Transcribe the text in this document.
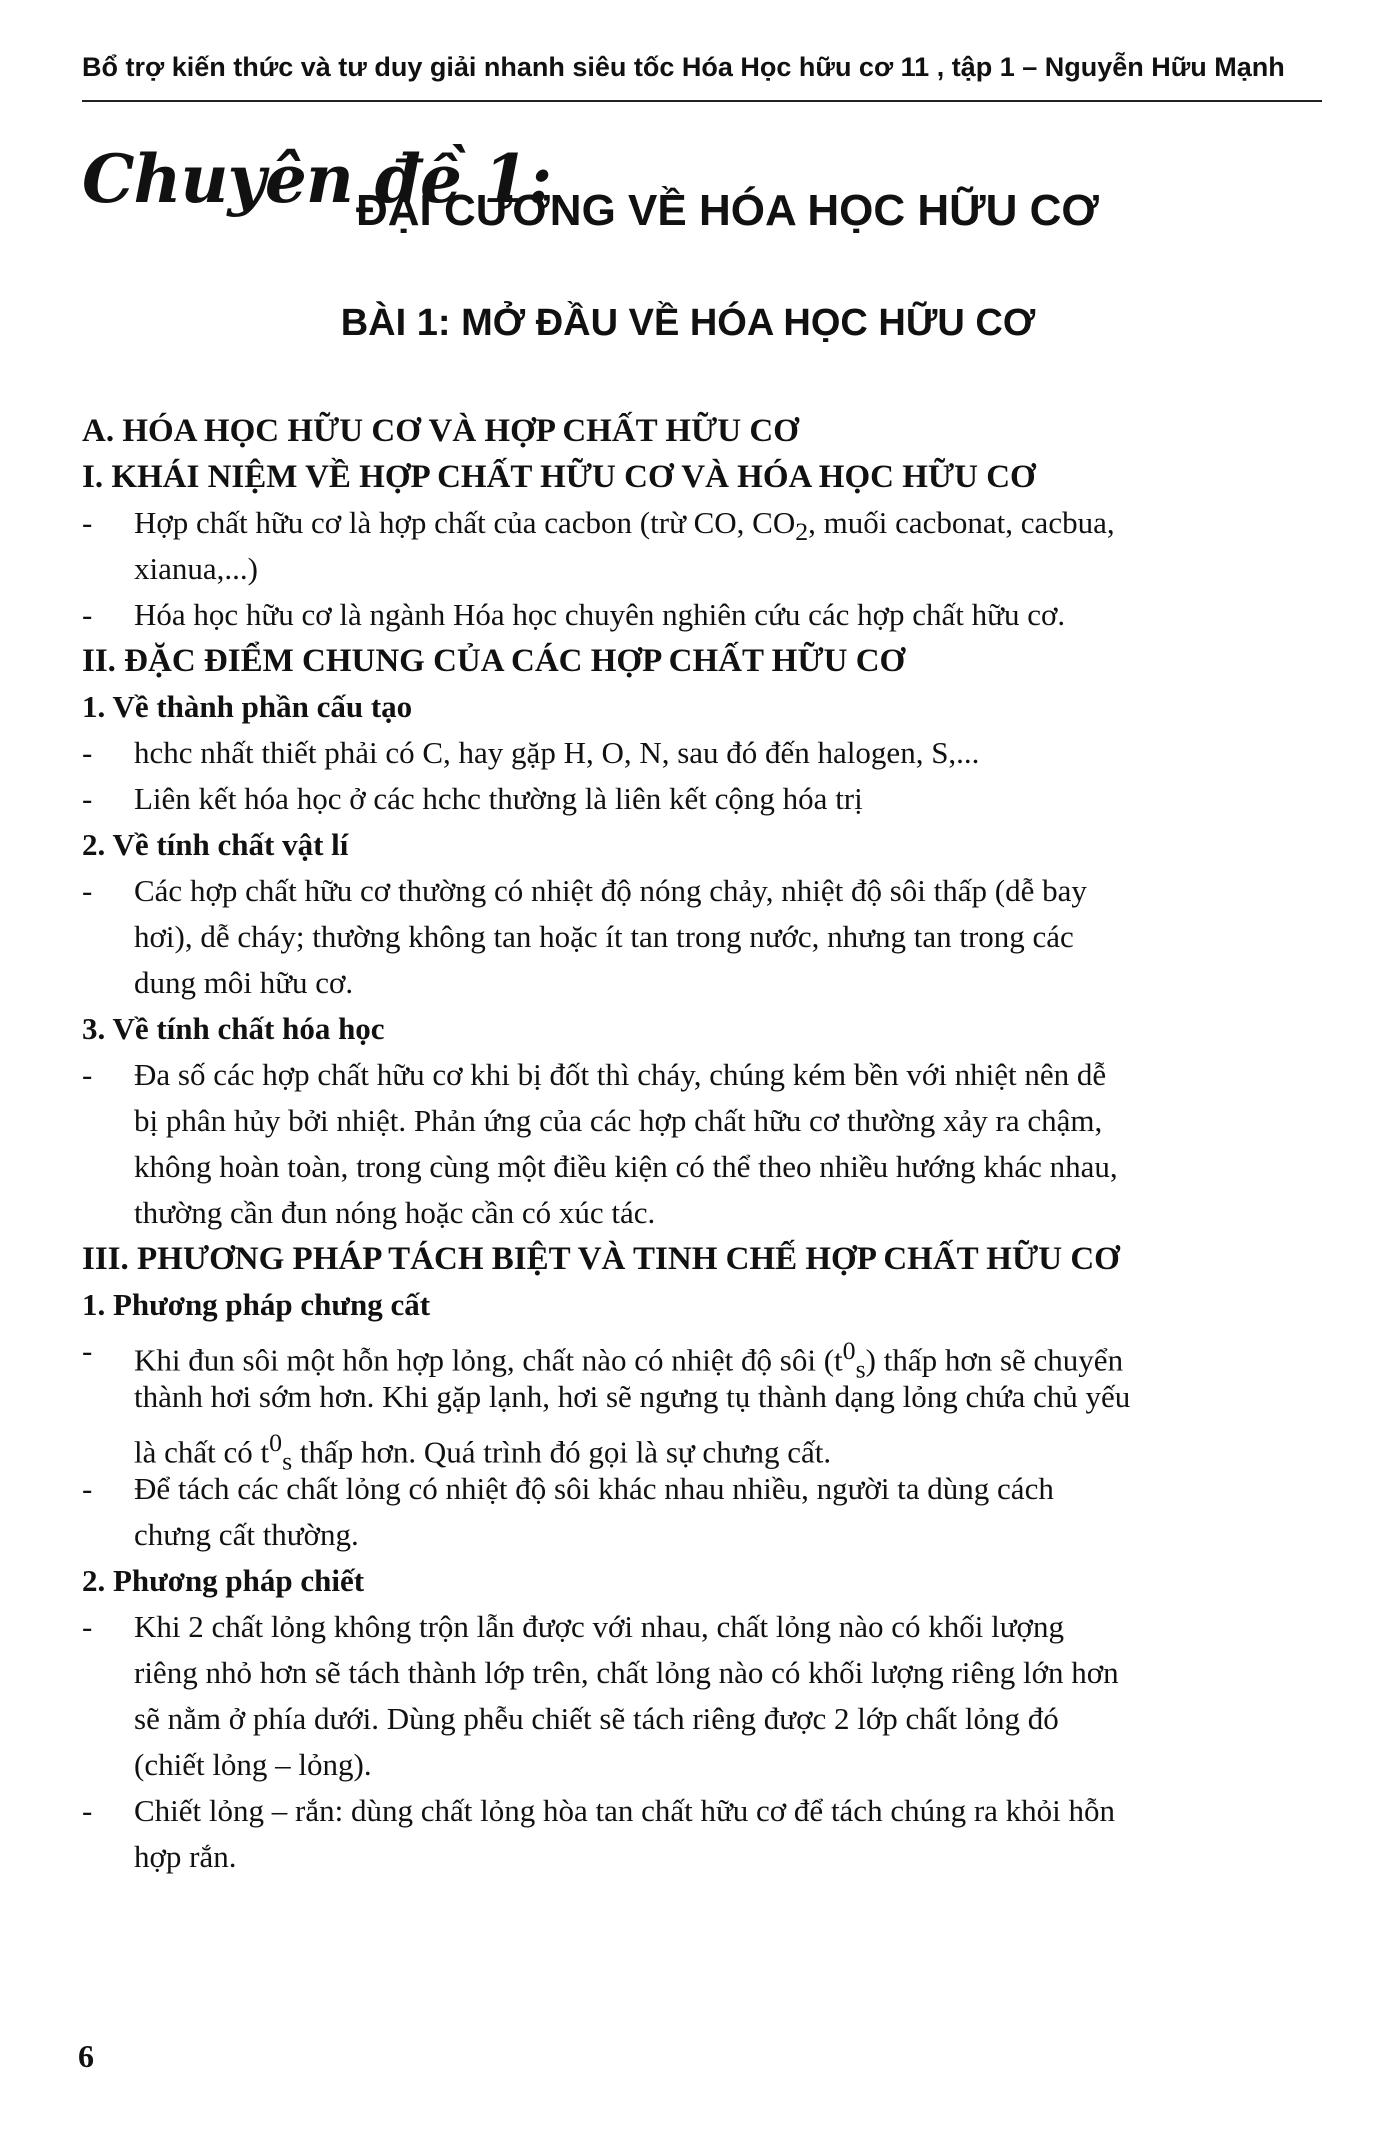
Bổ trợ kiến thức và tư duy giải nhanh siêu tốc Hóa Học hữu cơ 11 , tập 1 – Nguyễn Hữu Mạnh
Chuyên đề 1:
ĐẠI CƯƠNG VỀ HÓA HỌC HỮU CƠ
BÀI 1: MỞ ĐẦU VỀ HÓA HỌC HỮU CƠ
A. HÓA HỌC HỮU CƠ VÀ HỢP CHẤT HỮU CƠ
I. KHÁI NIỆM VỀ HỢP CHẤT HỮU CƠ VÀ HÓA HỌC HỮU CƠ
-	Hợp chất hữu cơ là hợp chất của cacbon (trừ CO, $CO_2$, muối cacbonat, cacbua,
xianua,...)
-	Hóa học hữu cơ là ngành Hóa học chuyên nghiên cứu các hợp chất hữu cơ.
II. ĐẶC ĐIỂM CHUNG CỦA CÁC HỢP CHẤT HỮU CƠ
1. Về thành phần cấu tạo
-	hchc nhất thiết phải có C, hay gặp H, O, N, sau đó đến halogen, S,...
-	Liên kết hóa học ở các hchc thường là liên kết cộng hóa trị
2. Về tính chất vật lí
-	Các hợp chất hữu cơ thường có nhiệt độ nóng chảy, nhiệt độ sôi thấp (dễ bay
hơi), dễ cháy; thường không tan hoặc ít tan trong nước, nhưng tan trong các
dung môi hữu cơ.
3. Về tính chất hóa học
-	Đa số các hợp chất hữu cơ khi bị đốt thì cháy, chúng kém bền với nhiệt nên dễ
bị phân hủy bởi nhiệt. Phản ứng của các hợp chất hữu cơ thường xảy ra chậm,
không hoàn toàn, trong cùng một điều kiện có thể theo nhiều hướng khác nhau,
thường cần đun nóng hoặc cần có xúc tác.
III. PHƯƠNG PHÁP TÁCH BIỆT VÀ TINH CHẾ HỢP CHẤT HỮU CƠ
1. Phương pháp chưng cất
-	Khi đun sôi một hỗn hợp lỏng, chất nào có nhiệt độ sôi $(t^0_s)$ thấp hơn sẽ chuyển
thành hơi sớm hơn. Khi gặp lạnh, hơi sẽ ngưng tụ thành dạng lỏng chứa chủ yếu
là chất có $t^0_s$ thấp hơn. Quá trình đó gọi là sự chưng cất.
-	Để tách các chất lỏng có nhiệt độ sôi khác nhau nhiều, người ta dùng cách
chưng cất thường.
2. Phương pháp chiết
-	Khi 2 chất lỏng không trộn lẫn được với nhau, chất lỏng nào có khối lượng
riêng nhỏ hơn sẽ tách thành lớp trên, chất lỏng nào có khối lượng riêng lớn hơn
sẽ nằm ở phía dưới. Dùng phễu chiết sẽ tách riêng được 2 lớp chất lỏng đó
(chiết lỏng – lỏng).
-	Chiết lỏng – rắn: dùng chất lỏng hòa tan chất hữu cơ để tách chúng ra khỏi hỗn
hợp rắn.
6
